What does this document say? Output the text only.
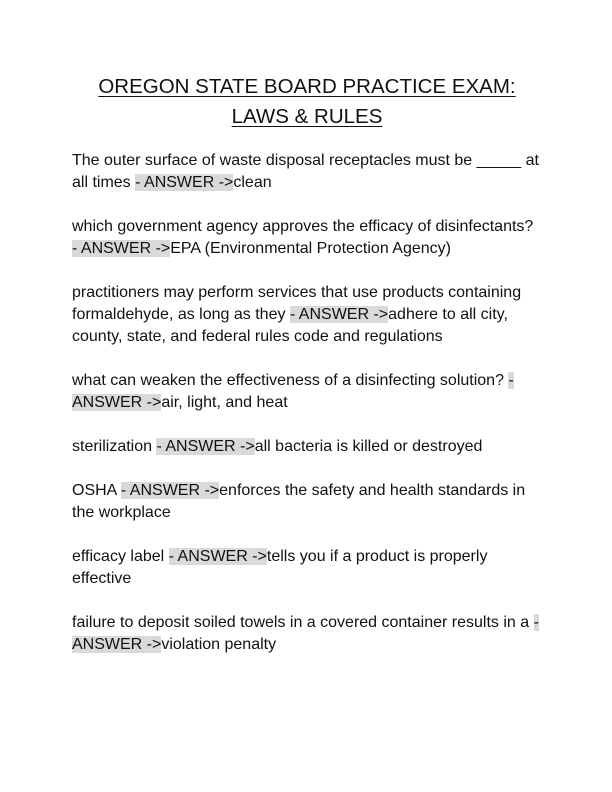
OREGON STATE BOARD PRACTICE EXAM: LAWS & RULES

The outer surface of waste disposal receptacles must be _____ at all times - ANSWER ->clean

which government agency approves the efficacy of disinfectants? - ANSWER ->EPA (Environmental Protection Agency)

practitioners may perform services that use products containing formaldehyde, as long as they - ANSWER ->adhere to all city, county, state, and federal rules code and regulations

what can weaken the effectiveness of a disinfecting solution? - ANSWER ->air, light, and heat

sterilization - ANSWER ->all bacteria is killed or destroyed

OSHA - ANSWER ->enforces the safety and health standards in the workplace

efficacy label - ANSWER ->tells you if a product is properly effective

failure to deposit soiled towels in a covered container results in a - ANSWER ->violation penalty
